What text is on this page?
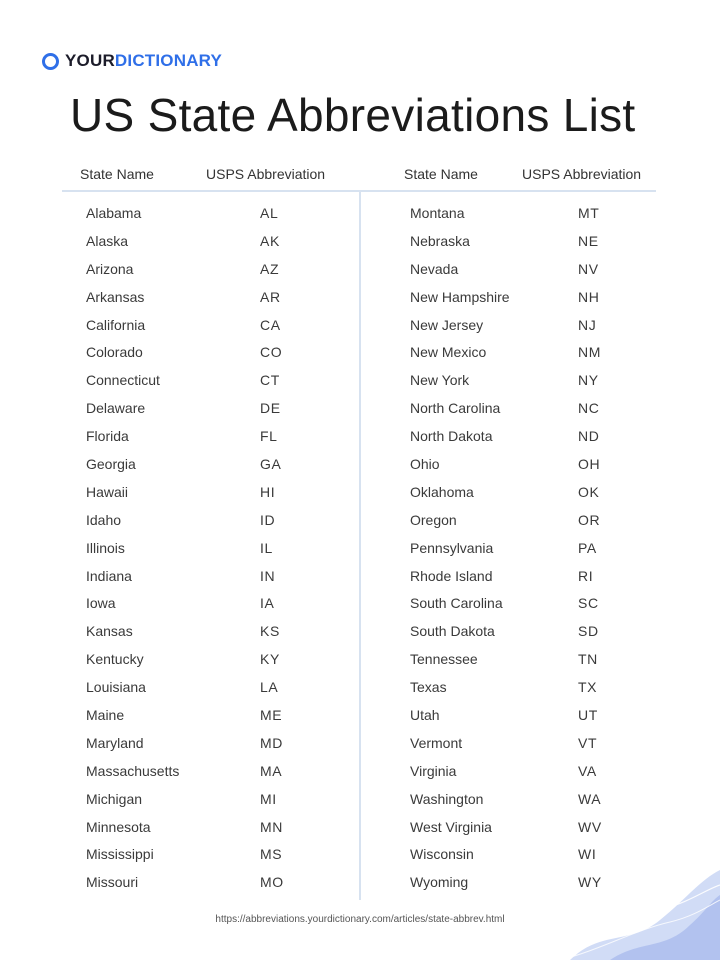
YOURDICTIONARY
US State Abbreviations List
State Name	USPS Abbreviation	State Name	USPS Abbreviation
Alabama	AL
Alaska	AK
Arizona	AZ
Arkansas	AR
California	CA
Colorado	CO
Connecticut	CT
Delaware	DE
Florida	FL
Georgia	GA
Hawaii	HI
Idaho	ID
Illinois	IL
Indiana	IN
Iowa	IA
Kansas	KS
Kentucky	KY
Louisiana	LA
Maine	ME
Maryland	MD
Massachusetts	MA
Michigan	MI
Minnesota	MN
Mississippi	MS
Missouri	MO
Montana	MT
Nebraska	NE
Nevada	NV
New Hampshire	NH
New Jersey	NJ
New Mexico	NM
New York	NY
North Carolina	NC
North Dakota	ND
Ohio	OH
Oklahoma	OK
Oregon	OR
Pennsylvania	PA
Rhode Island	RI
South Carolina	SC
South Dakota	SD
Tennessee	TN
Texas	TX
Utah	UT
Vermont	VT
Virginia	VA
Washington	WA
West Virginia	WV
Wisconsin	WI
Wyoming	WY
https://abbreviations.yourdictionary.com/articles/state-abbrev.html
